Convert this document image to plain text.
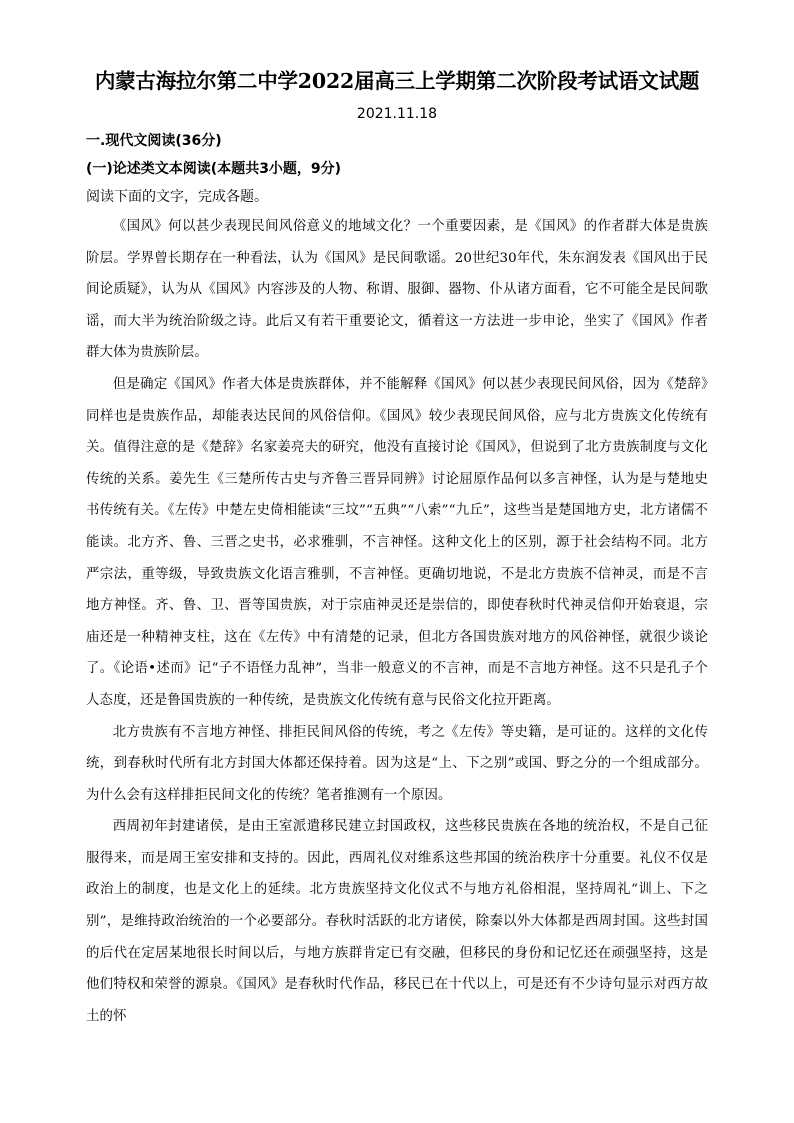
内蒙古海拉尔第二中学2022届高三上学期第二次阶段考试语文试题
2021.11.18
一.现代文阅读(36分)
(一)论述类文本阅读(本题共3小题，9分)
阅读下面的文字，完成各题。

《国风》何以甚少表现民间风俗意义的地域文化？一个重要因素，是《国风》的作者群大体是贵族阶层。学界曾长期存在一种看法，认为《国风》是民间歌谣。20世纪30年代，朱东润发表《国风出于民间论质疑》，认为从《国风》内容涉及的人物、称谓、服御、器物、仆从诸方面看，它不可能全是民间歌谣，而大半为统治阶级之诗。此后又有若干重要论文，循着这一方法进一步申论，坐实了《国风》作者群大体为贵族阶层。

但是确定《国风》作者大体是贵族群体，并不能解释《国风》何以甚少表现民间风俗，因为《楚辞》同样也是贵族作品，却能表达民间的风俗信仰。《国风》较少表现民间风俗，应与北方贵族文化传统有关。值得注意的是《楚辞》名家姜亮夫的研究，他没有直接讨论《国风》，但说到了北方贵族制度与文化传统的关系。姜先生《三楚所传古史与齐鲁三晋异同辨》讨论屈原作品何以多言神怪，认为是与楚地史书传统有关。《左传》中楚左史倚相能读“三坟”“五典”“八索”“九丘”，这些当是楚国地方史，北方诸儒不能读。北方齐、鲁、三晋之史书，必求雅驯，不言神怪。这种文化上的区别，源于社会结构不同。北方严宗法，重等级，导致贵族文化语言雅驯，不言神怪。更确切地说，不是北方贵族不信神灵，而是不言地方神怪。齐、鲁、卫、晋等国贵族，对于宗庙神灵还是崇信的，即使春秋时代神灵信仰开始衰退，宗庙还是一种精神支柱，这在《左传》中有清楚的记录，但北方各国贵族对地方的风俗神怪，就很少谈论了。《论语•述而》记“子不语怪力乱神”，当非一般意义的不言神，而是不言地方神怪。这不只是孔子个人态度，还是鲁国贵族的一种传统，是贵族文化传统有意与民俗文化拉开距离。

北方贵族有不言地方神怪、排拒民间风俗的传统，考之《左传》等史籍，是可证的。这样的文化传统，到春秋时代所有北方封国大体都还保持着。因为这是“上、下之别”或国、野之分的一个组成部分。为什么会有这样排拒民间文化的传统？笔者推测有一个原因。

西周初年封建诸侯，是由王室派遣移民建立封国政权，这些移民贵族在各地的统治权，不是自己征服得来，而是周王室安排和支持的。因此，西周礼仪对维系这些邦国的统治秩序十分重要。礼仪不仅是政治上的制度，也是文化上的延续。北方贵族坚持文化仪式不与地方礼俗相混，坚持周礼“训上、下之别”，是维持政治统治的一个必要部分。春秋时活跃的北方诸侯，除秦以外大体都是西周封国。这些封国的后代在定居某地很长时间以后，与地方族群肯定已有交融，但移民的身份和记忆还在顽强坚持，这是他们特权和荣誉的源泉。《国风》是春秋时代作品，移民已在十代以上，可是还有不少诗句显示对西方故土的怀
